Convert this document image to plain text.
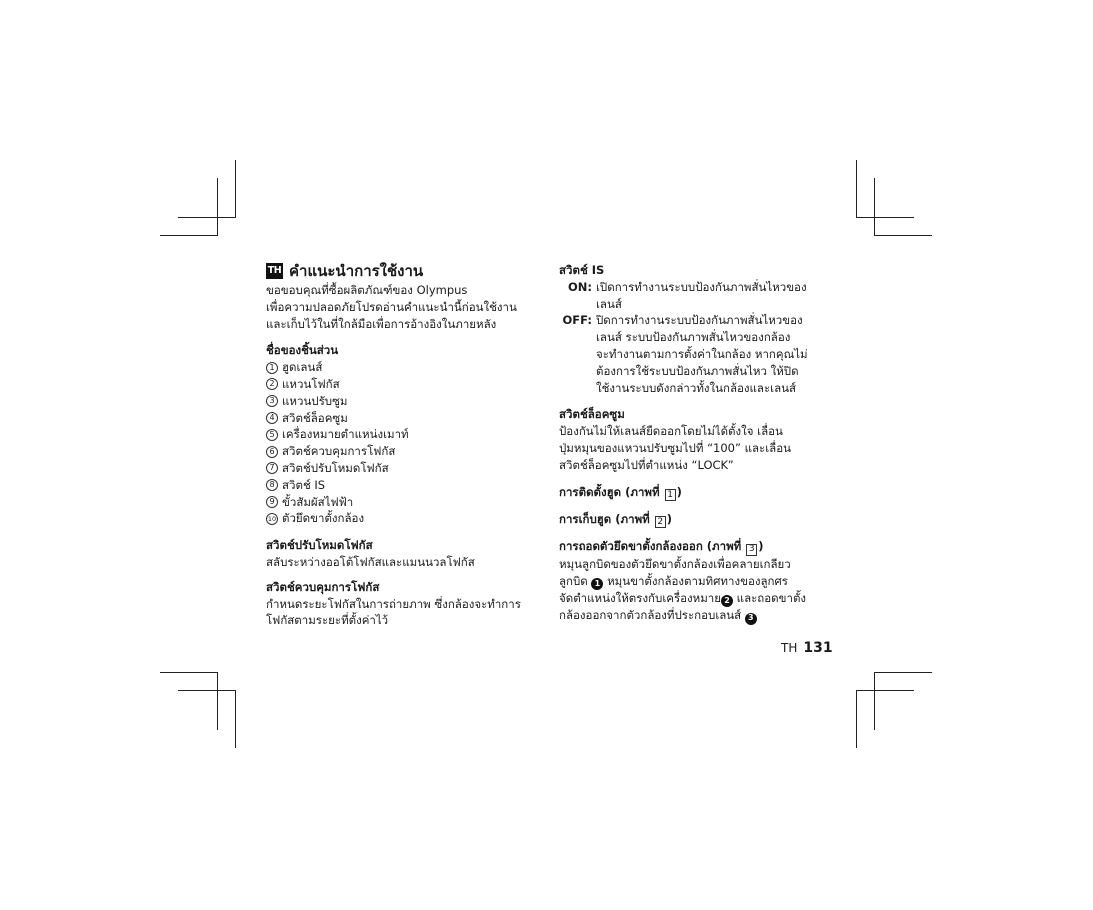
TH คำแนะนำการใช้งาน
ขอขอบคุณที่ซื้อผลิตภัณฑ์ของ Olympus
เพื่อความปลอดภัยโปรดอ่านคำแนะนำนี้ก่อนใช้งาน
และเก็บไว้ในที่ใกล้มือเพื่อการอ้างอิงในภายหลัง
ชื่อของชิ้นส่วน
1 ฮูดเลนส์
2 แหวนโฟกัส
3 แหวนปรับซูม
4 สวิตช์ล็อคซูม
5 เครื่องหมายตำแหน่งเมาท์
6 สวิตช์ควบคุมการโฟกัส
7 สวิตช์ปรับโหมดโฟกัส
8 สวิตช์ IS
9 ขั้วสัมผัสไฟฟ้า
10 ตัวยึดขาตั้งกล้อง
สวิตช์ปรับโหมดโฟกัส
สลับระหว่างออโต้โฟกัสและแมนนวลโฟกัส
สวิตช์ควบคุมการโฟกัส
กำหนดระยะโฟกัสในการถ่ายภาพ ซึ่งกล้องจะทำการ
โฟกัสตามระยะที่ตั้งค่าไว้
สวิตช์ IS
ON: เปิดการทำงานระบบป้องกันภาพสั่นไหวของ
เลนส์
OFF: ปิดการทำงานระบบป้องกันภาพสั่นไหวของ
เลนส์ ระบบป้องกันภาพสั่นไหวของกล้อง
จะทำงานตามการตั้งค่าในกล้อง หากคุณไม่
ต้องการใช้ระบบป้องกันภาพสั่นไหว ให้ปิด
ใช้งานระบบดังกล่าวทั้งในกล้องและเลนส์
สวิตช์ล็อคซูม
ป้องกันไม่ให้เลนส์ยืดออกโดยไม่ได้ตั้งใจ เลื่อน
ปุ่มหมุนของแหวนปรับซูมไปที่ “100” และเลื่อน
สวิตช์ล็อคซูมไปที่ตำแหน่ง “LOCK”
การติดตั้งฮูด (ภาพที่ 1 )
การเก็บฮูด (ภาพที่ 2 )
การถอดตัวยึดขาตั้งกล้องออก (ภาพที่ 3 )
หมุนลูกบิดของตัวยึดขาตั้งกล้องเพื่อคลายเกลียว
ลูกบิด 1 หมุนขาตั้งกล้องตามทิศทางของลูกศร
จัดตำแหน่งให้ตรงกับเครื่องหมาย 2 และถอดขาตั้ง
กล้องออกจากตัวกล้องที่ประกอบเลนส์ 3
TH 131
